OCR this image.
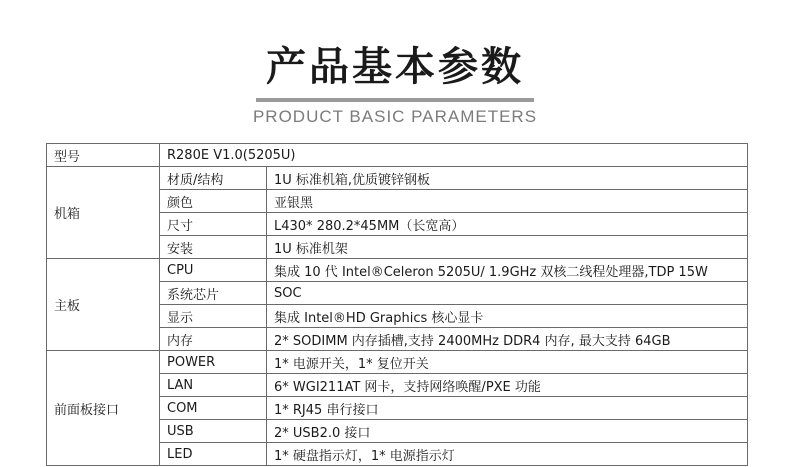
产品基本参数
PRODUCT BASIC PARAMETERS
型号	R280E V1.0(5205U)	
机箱	材质/结构	1U 标准机箱,优质镀锌钢板
	颜色	亚银黑
	尺寸	L430* 280.2*45MM（长宽高）
	安装	1U 标准机架
主板	CPU	集成 10 代 Intel®Celeron 5205U/ 1.9GHz 双核二线程处理器,TDP 15W
	系统芯片	SOC
	显示	集成 Intel®HD Graphics 核心显卡
	内存	2* SODIMM 内存插槽,支持 2400MHz DDR4 内存, 最大支持 64GB
前面板接口	POWER	1* 电源开关，1* 复位开关
	LAN	6* WGI211AT 网卡，支持网络唤醒/PXE 功能
	COM	1* RJ45 串行接口
	USB	2* USB2.0 接口
	LED	1* 硬盘指示灯，1* 电源指示灯
